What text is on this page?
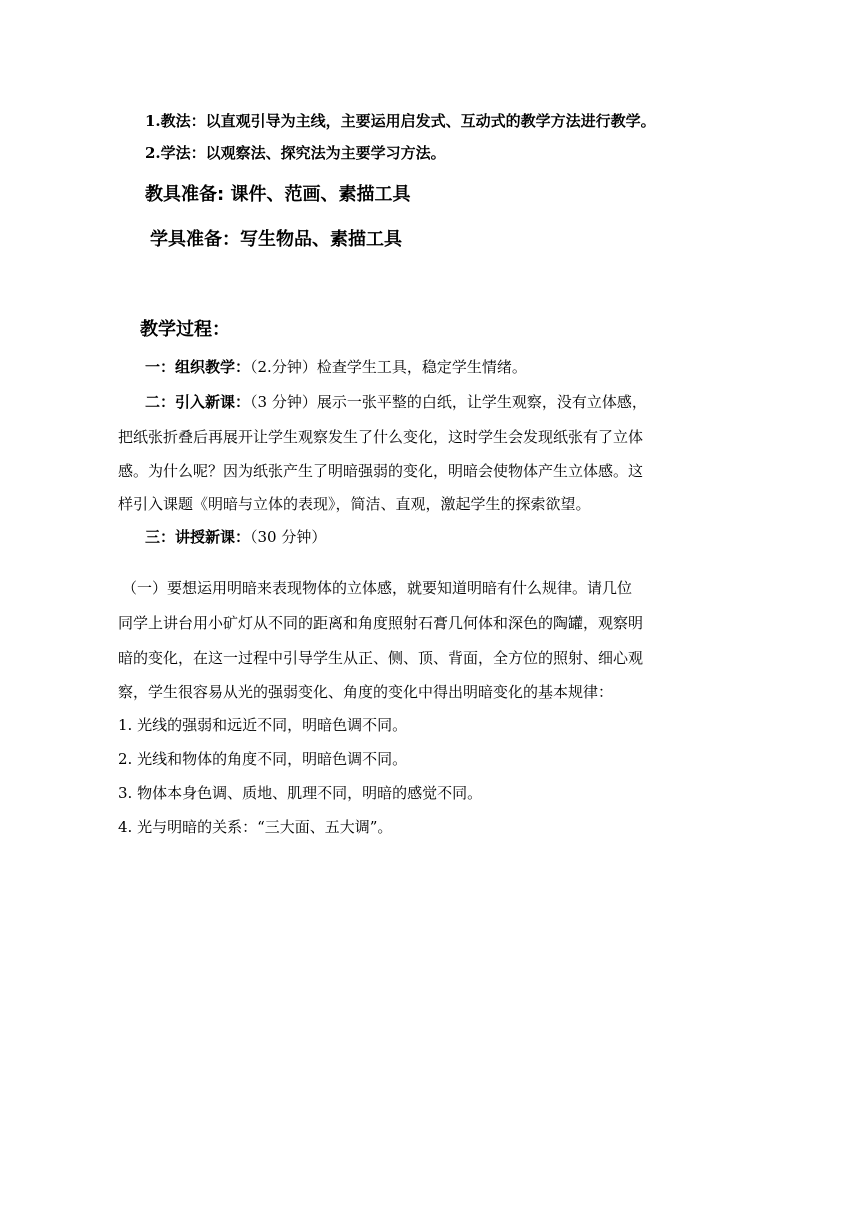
1.教法：以直观引导为主线，主要运用启发式、互动式的教学方法进行教学。
2.学法：以观察法、探究法为主要学习方法。
教具准备: 课件、范画、素描工具
学具准备：写生物品、素描工具
教学过程：
一：组织教学：（2.分钟）检查学生工具，稳定学生情绪。
二：引入新课：（3 分钟）展示一张平整的白纸，让学生观察，没有立体感，
把纸张折叠后再展开让学生观察发生了什么变化，这时学生会发现纸张有了立体
感。为什么呢？因为纸张产生了明暗强弱的变化，明暗会使物体产生立体感。这
样引入课题《明暗与立体的表现》，简洁、直观，激起学生的探索欲望。
三：讲授新课：（30 分钟）
（一）要想运用明暗来表现物体的立体感，就要知道明暗有什么规律。请几位
同学上讲台用小矿灯从不同的距离和角度照射石膏几何体和深色的陶罐，观察明
暗的变化，在这一过程中引导学生从正、侧、顶、背面，全方位的照射、细心观
察，学生很容易从光的强弱变化、角度的变化中得出明暗变化的基本规律：
1. 光线的强弱和远近不同，明暗色调不同。
2. 光线和物体的角度不同，明暗色调不同。
3. 物体本身色调、质地、肌理不同，明暗的感觉不同。
4. 光与明暗的关系：“三大面、五大调”。
